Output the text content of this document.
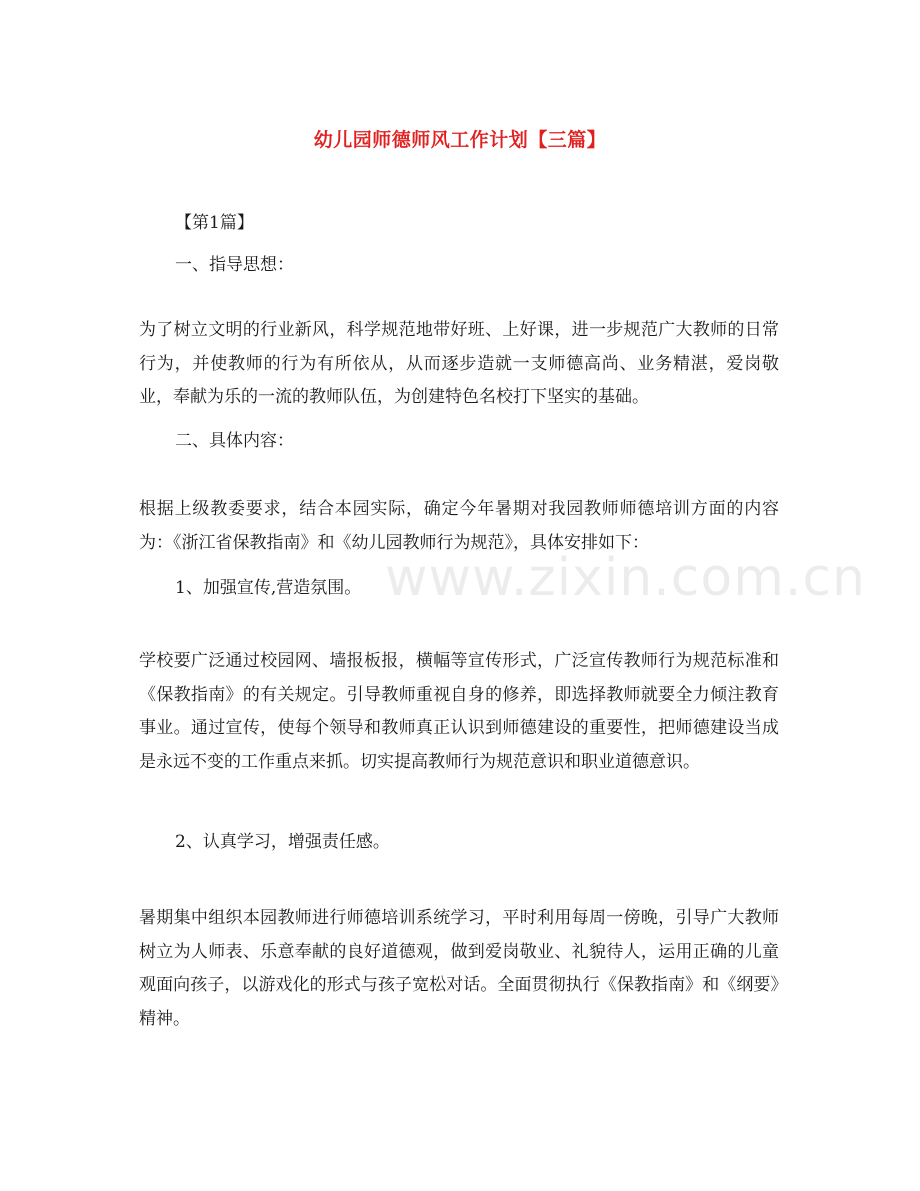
幼儿园师德师风工作计划【三篇】
【第1篇】
一、指导思想：
为了树立文明的行业新风，科学规范地带好班、上好课，进一步规范广大教师的日常行为，并使教师的行为有所依从，从而逐步造就一支师德高尚、业务精湛，爱岗敬业，奉献为乐的一流的教师队伍，为创建特色名校打下坚实的基础。
二、具体内容：
根据上级教委要求，结合本园实际，确定今年暑期对我园教师师德培训方面的内容为：《浙江省保教指南》和《幼儿园教师行为规范》，具体安排如下：
1、加强宣传,营造氛围。
学校要广泛通过校园网、墙报板报，横幅等宣传形式，广泛宣传教师行为规范标准和《保教指南》的有关规定。引导教师重视自身的修养，即选择教师就要全力倾注教育事业。通过宣传，使每个领导和教师真正认识到师德建设的重要性，把师德建设当成是永远不变的工作重点来抓。切实提高教师行为规范意识和职业道德意识。
2、认真学习，增强责任感。
暑期集中组织本园教师进行师德培训系统学习，平时利用每周一傍晚，引导广大教师树立为人师表、乐意奉献的良好道德观，做到爱岗敬业、礼貌待人，运用正确的儿童观面向孩子，以游戏化的形式与孩子宽松对话。全面贯彻执行《保教指南》和《纲要》精神。
www.zixin.com.cn
